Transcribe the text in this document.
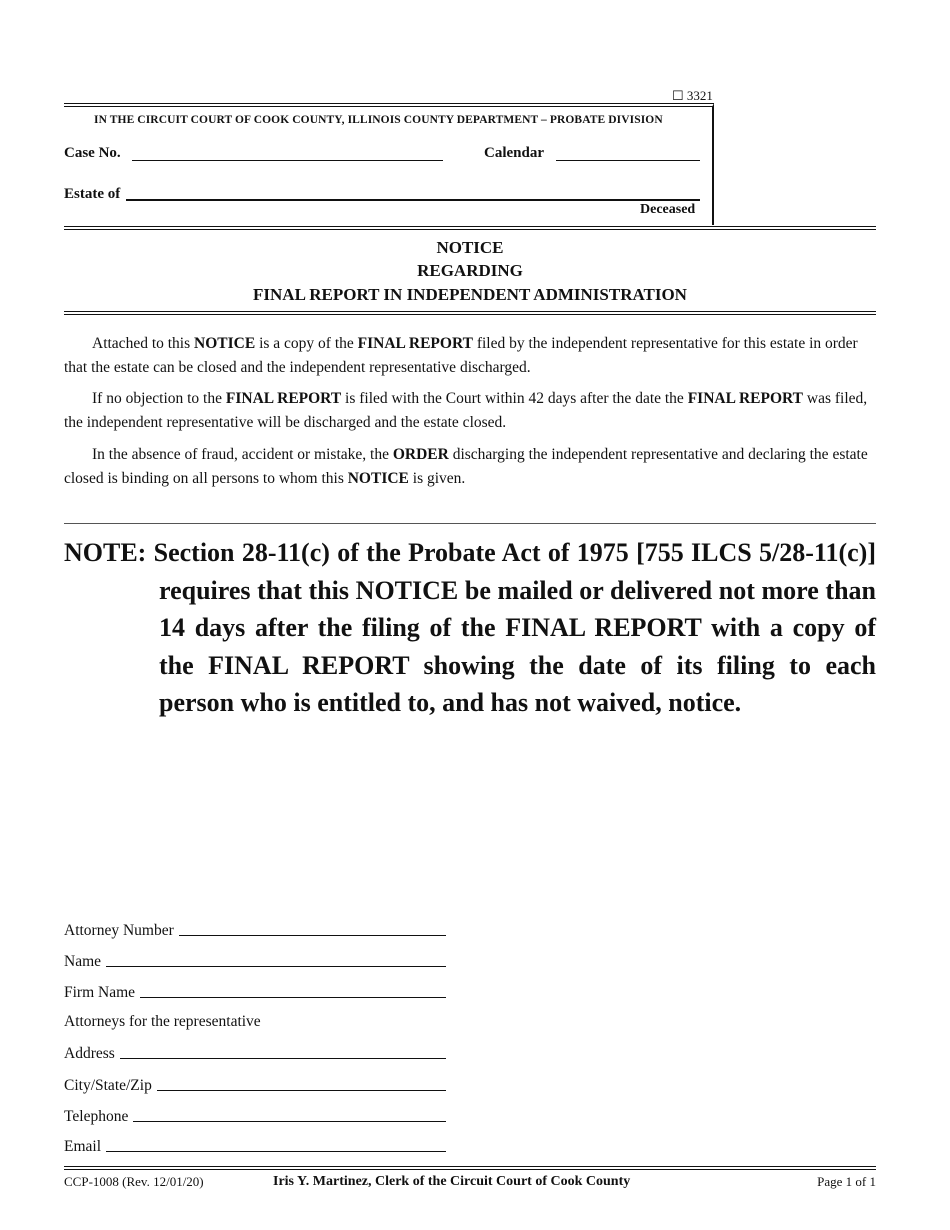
☐ 3321
IN THE CIRCUIT COURT OF COOK COUNTY, ILLINOIS COUNTY DEPARTMENT – PROBATE DIVISION
Case No.	Calendar
Estate of
Deceased
NOTICE
REGARDING
FINAL REPORT IN INDEPENDENT ADMINISTRATION
Attached to this NOTICE is a copy of the FINAL REPORT filed by the independent representative for this estate in order that the estate can be closed and the independent representative discharged.
If no objection to the FINAL REPORT is filed with the Court within 42 days after the date the FINAL REPORT was filed, the independent representative will be discharged and the estate closed.
In the absence of fraud, accident or mistake, the ORDER discharging the independent representative and declaring the estate closed is binding on all persons to whom this NOTICE is given.
NOTE: Section 28-11(c) of the Probate Act of 1975 [755 ILCS 5/28-11(c)] requires that this NOTICE be mailed or delivered not more than 14 days after the filing of the FINAL REPORT with a copy of the FINAL REPORT showing the date of its filing to each person who is entitled to, and has not waived, notice.
Attorney Number
Name
Firm Name
Attorneys for the representative
Address
City/State/Zip
Telephone
Email
CCP-1008 (Rev. 12/01/20)	Iris Y. Martinez, Clerk of the Circuit Court of Cook County	Page 1 of 1
